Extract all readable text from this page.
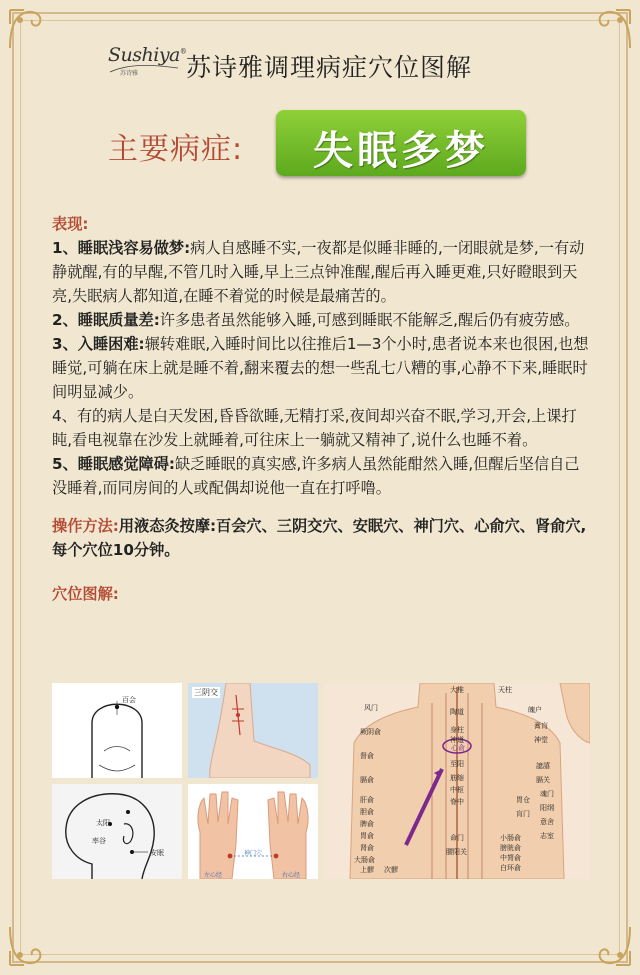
Sushiya®
苏诗雅 苏诗雅调理病症穴位图解
主要病症:	失眠多梦

表现:

1、睡眠浅容易做梦:病人自感睡不实,一夜都是似睡非睡的,一闭眼就是梦,一有动静就醒,有的早醒,不管几时入睡,早上三点钟准醒,醒后再入睡更难,只好瞪眼到天亮,失眠病人都知道,在睡不着觉的时候是最痛苦的。

2、睡眠质量差:许多患者虽然能够入睡,可感到睡眠不能解乏,醒后仍有疲劳感。

3、入睡困难:辗转难眠,入睡时间比以往推后1—3个小时,患者说本来也很困,也想睡觉,可躺在床上就是睡不着,翻来覆去的想一些乱七八糟的事,心静不下来,睡眠时间明显减少。

4、有的病人是白天发困,昏昏欲睡,无精打采,夜间却兴奋不眠,学习,开会,上课打盹,看电视靠在沙发上就睡着,可往床上一躺就又精神了,说什么也睡不着。

5、睡眠感觉障碍:缺乏睡眠的真实感,许多病人虽然能酣然入睡,但醒后坚信自己没睡着,而同房间的人或配偶却说他一直在打呼噜。

操作方法:用液态灸按摩:百会穴、三阴交穴、安眠穴、神门穴、心俞穴、肾俞穴,每个穴位10分钟。

穴位图解:

百会
三阴交
太阳
率谷
安眠	神门穴
左心经	右心经
风门
厥阴俞
督俞
膈俞
肝俞
胆俞
脾俞
胃俞
肾俞
大肠俞
上髎 次髎
大椎
陶道
身柱
神道
心俞
至阳
筋缩
中枢
脊中
命门
腰阳关
天柱
魄户
膏肓
神堂
譩譆
膈关
魂门
阳纲
意舍
胃仓
肓门
志室
小肠俞
膀胱俞
中膂俞
白环俞
